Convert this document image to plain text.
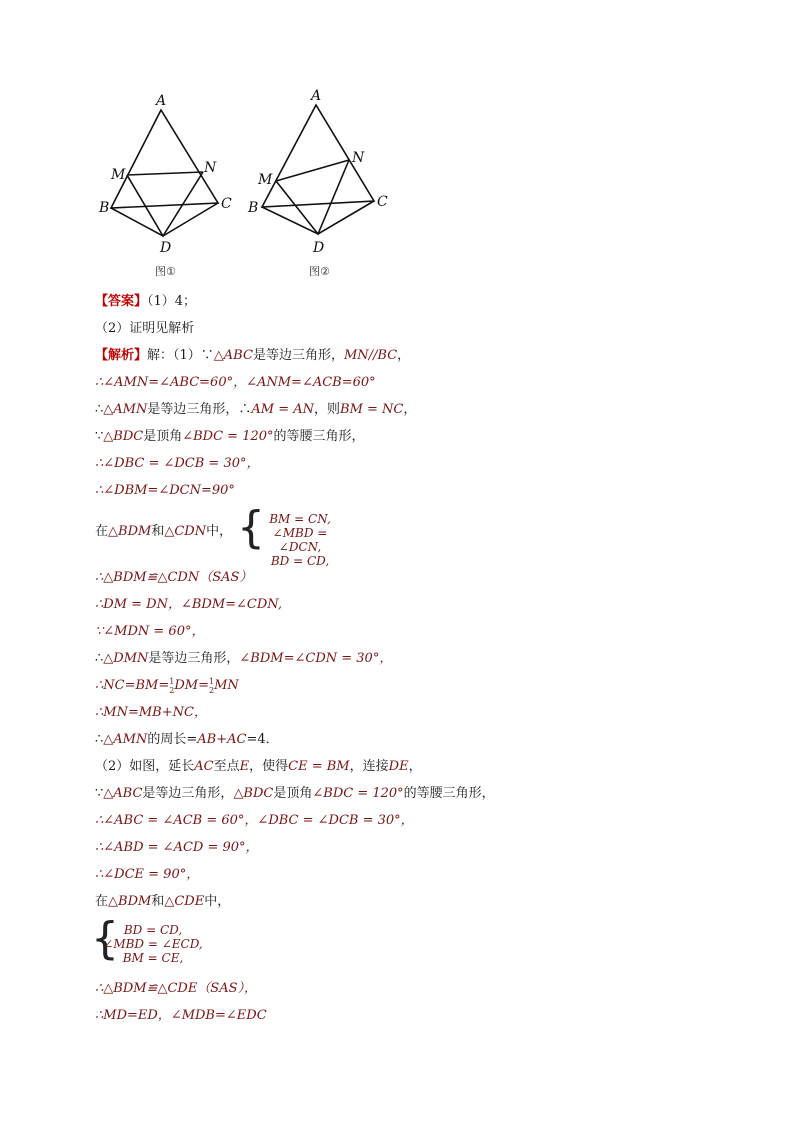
A
M	N
B	C
D
A
M
N
B	C
D
图①	图②
【答案】（1）4；
（2）证明见解析
【解析】解：（1）∵△ABC是等边三角形，MN//BC，
∴∠AMN=∠ABC=60°，∠ANM=∠ACB=60°
∴△AMN是等边三角形，∴AM = AN，则BM = NC，
∵△BDC是顶角∠BDC = 120°的等腰三角形，
∴∠DBC = ∠DCB = 30°，
∴∠DBM=∠DCN=90°
在△BDM和△CDN中， { BM = CN,
∠MBD = ∠DCN,
BD = CD,
∴△BDM≌△CDN（SAS）
∴DM = DN，∠BDM=∠CDN,
∵∠MDN = 60°，
∴△DMN是等边三角形，∠BDM=∠CDN = 30°，
∴NC=BM= 1
2 DM= 1
2 MN
∴MN=MB+NC，
∴△AMN的周长=AB+AC=4．
（2）如图，延长AC至点E，使得CE = BM，连接DE，
∵△ABC是等边三角形，△BDC是顶角∠BDC = 120°的等腰三角形，
∴∠ABC = ∠ACB = 60°，∠DBC = ∠DCB = 30°，
∴∠ABD = ∠ACD = 90°，
∴∠DCE = 90°，
在△BDM和△CDE中，
{ BD = CD,
∠MBD = ∠ECD,
BM = CE,
∴△BDM≌△CDE（SAS），
∴MD=ED，∠MDB=∠EDC
